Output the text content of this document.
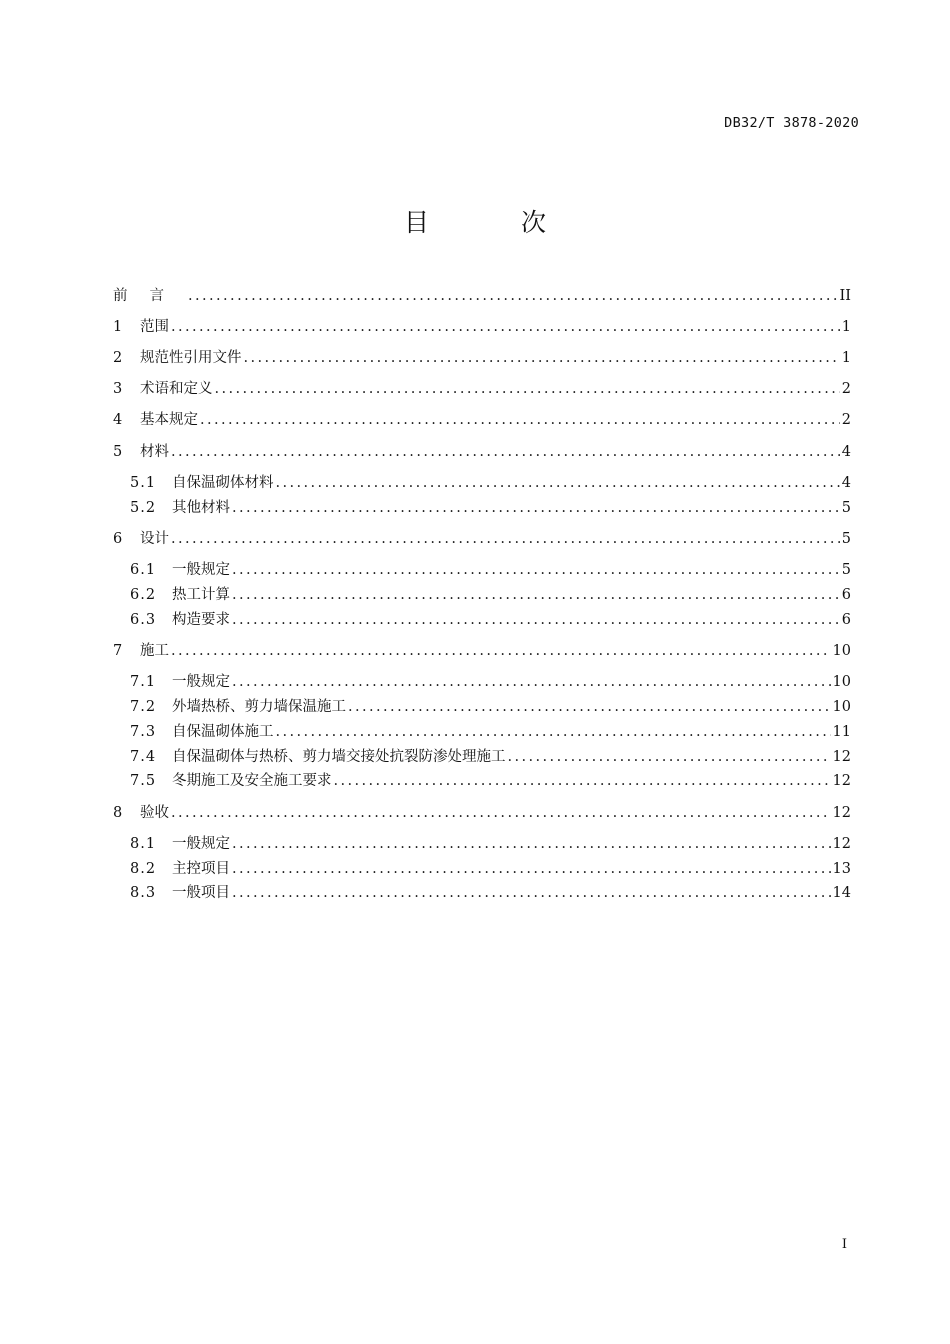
DB32/T 3878-2020
目 次
前言 .....	II
1	范围 .....	1
2	规范性引用文件 .....	1
3	术语和定义 .....	2
4	基本规定 .....	2
5	材料 .....	4
5.1	自保温砌体材料 .....	4
5.2	其他材料 .....	5
6	设计 .....	5
6.1	一般规定 .....	5
6.2	热工计算 .....	6
6.3	构造要求 .....	6
7	施工 .....	10
7.1	一般规定 .....	10
7.2	外墙热桥、剪力墙保温施工 .....	10
7.3	自保温砌体施工 .....	11
7.4	自保温砌体与热桥、剪力墙交接处抗裂防渗处理施工 .....	12
7.5	冬期施工及安全施工要求 .....	12
8	验收 .....	12
8.1	一般规定 .....	12
8.2	主控项目 .....	13
8.3	一般项目 .....	14
I
